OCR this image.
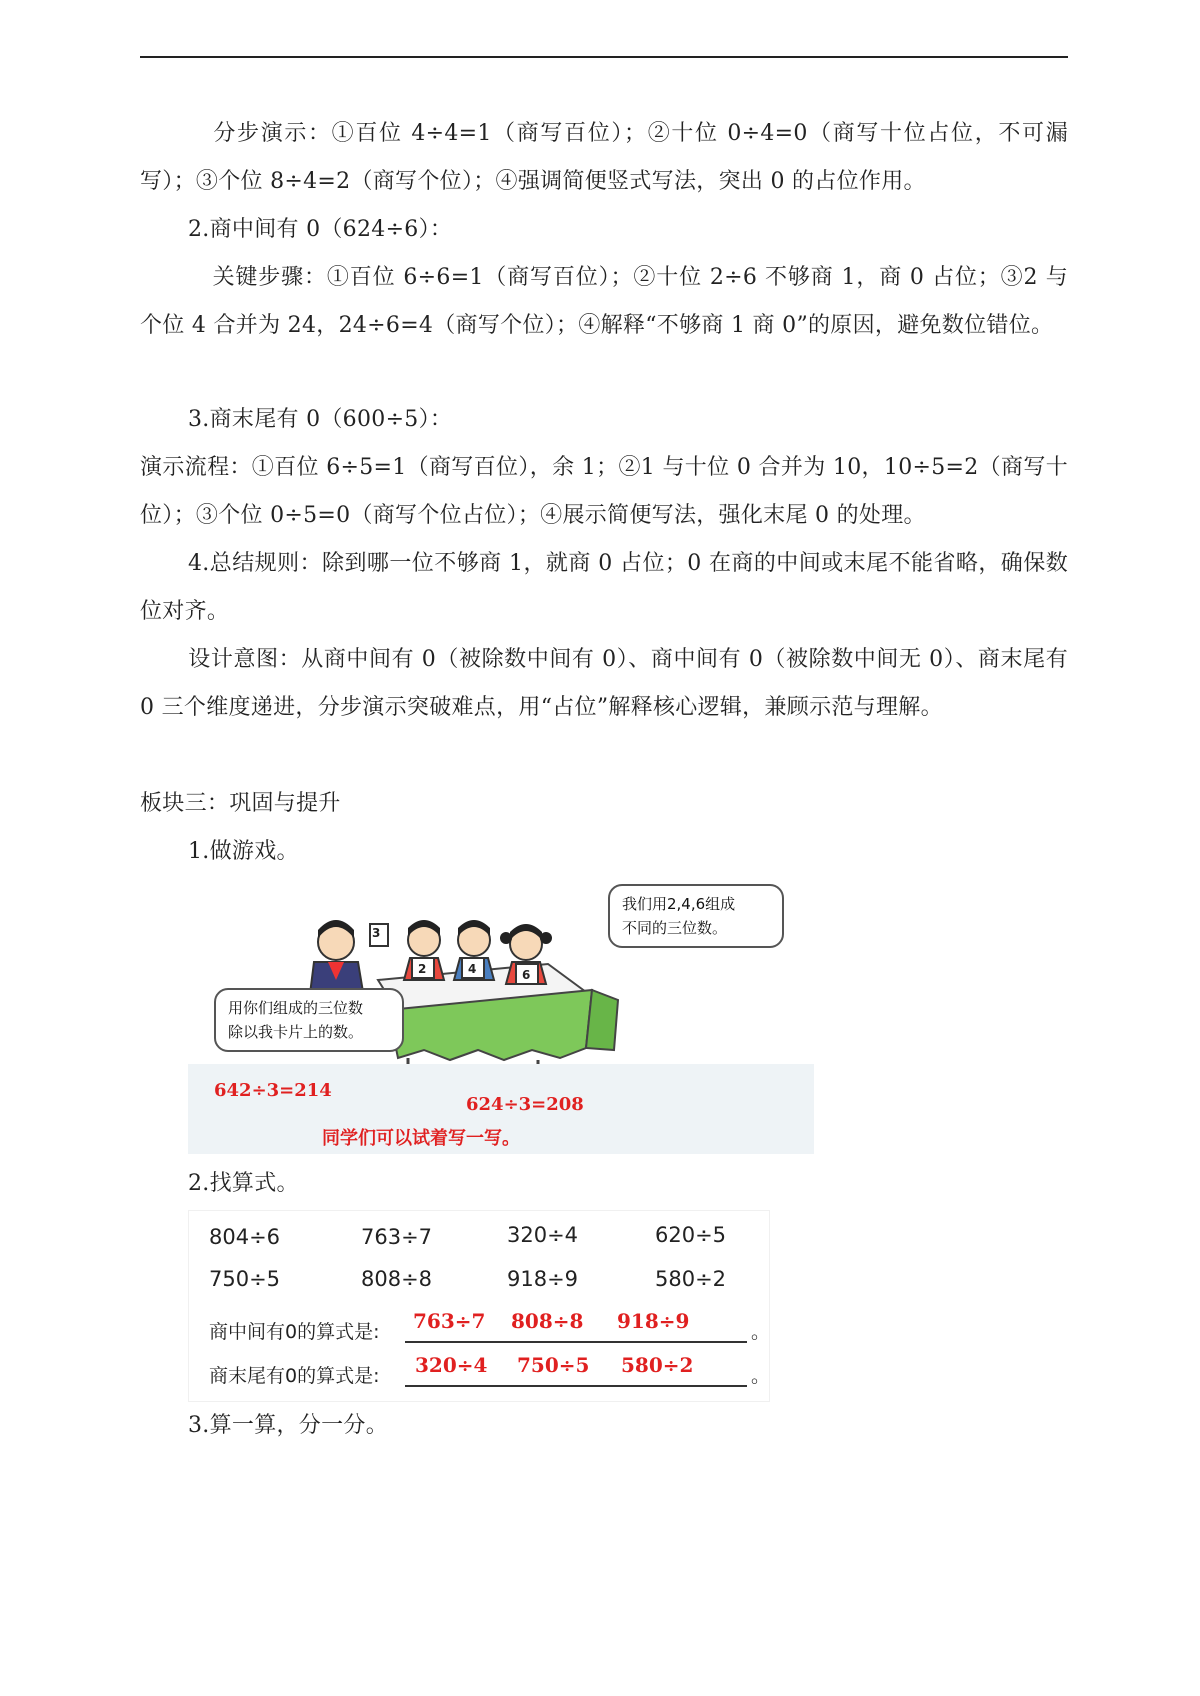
分步演示：①百位 4÷4=1（商写百位）；②十位 0÷4=0（商写十位占位，不可漏写）；③个位 8÷4=2（商写个位）；④强调简便竖式写法，突出 0 的占位作用。
2.商中间有 0（624÷6）：
关键步骤：①百位 6÷6=1（商写百位）；②十位 2÷6 不够商 1，商 0 占位；③2 与个位 4 合并为 24，24÷6=4（商写个位）；④解释“不够商 1 商 0”的原因，避免数位错位。
3.商末尾有 0（600÷5）：
演示流程：①百位 6÷5=1（商写百位），余 1；②1 与十位 0 合并为 10，10÷5=2（商写十位）；③个位 0÷5=0（商写个位占位）；④展示简便写法，强化末尾 0 的处理。
4.总结规则：除到哪一位不够商 1，就商 0 占位；0 在商的中间或末尾不能省略，确保数位对齐。
设计意图：从商中间有 0（被除数中间有 0）、商中间有 0（被除数中间无 0）、商末尾有 0 三个维度递进，分步演示突破难点，用“占位”解释核心逻辑，兼顾示范与理解。
板块三：巩固与提升
1.做游戏。
3
2	4	6
我们用2,4,6组成
不同的三位数。
用你们组成的三位数
除以我卡片上的数。
642÷3=214
624÷3=208
同学们可以试着写一写。
2.找算式。
804÷6	763÷7	320÷4	620÷5
750÷5	808÷8	918÷9	580÷2
商中间有0的算式是: 763÷7 808÷8 918÷9	。
商末尾有0的算式是: 320÷4 750÷5 580÷2	。
3.算一算，分一分。
